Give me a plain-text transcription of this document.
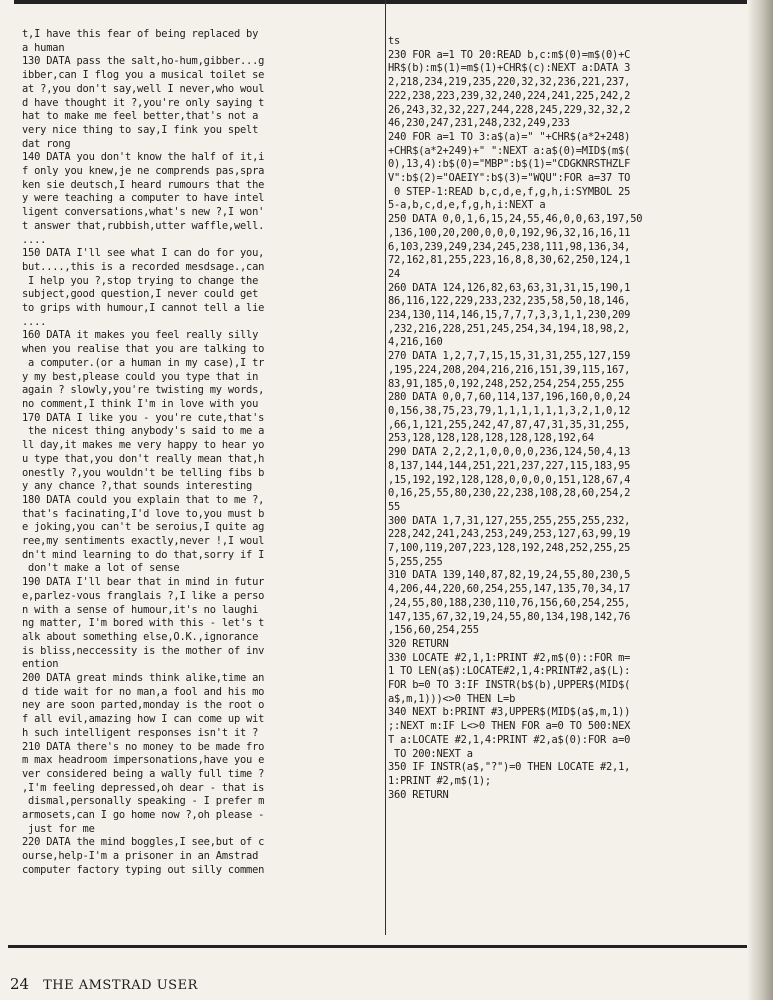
t,I have this fear of being replaced by
a human
130 DATA pass the salt,ho-hum,gibber...g
ibber,can I flog you a musical toilet se
at ?,you don't say,well I never,who woul
d have thought it ?,you're only saying t
hat to make me feel better,that's not a
very nice thing to say,I fink you spelt
dat rong
140 DATA you don't know the half of it,i
f only you knew,je ne comprends pas,spra
ken sie deutsch,I heard rumours that the
y were teaching a computer to have intel
ligent conversations,what's new ?,I won'
t answer that,rubbish,utter waffle,well.
....
150 DATA I'll see what I can do for you,
but....,this is a recorded mesdsage.,can
I help you ?,stop trying to change the
subject,good question,I never could get
to grips with humour,I cannot tell a lie
....
160 DATA it makes you feel really silly
when you realise that you are talking to
a computer.(or a human in my case),I tr
y my best,please could you type that in
again ? slowly,you're twisting my words,
no comment,I think I'm in love with you
170 DATA I like you - you're cute,that's
the nicest thing anybody's said to me a
ll day,it makes me very happy to hear yo
u type that,you don't really mean that,h
onestly ?,you wouldn't be telling fibs b
y any chance ?,that sounds interesting
180 DATA could you explain that to me ?,
that's facinating,I'd love to,you must b
e joking,you can't be seroius,I quite ag
ree,my sentiments exactly,never !,I woul
dn't mind learning to do that,sorry if I
don't make a lot of sense
190 DATA I'll bear that in mind in futur
e,parlez-vous franglais ?,I like a perso
n with a sense of humour,it's no laughi
ng matter, I'm bored with this - let's t
alk about something else,O.K.,ignorance
is bliss,neccessity is the mother of inv
ention
200 DATA great minds think alike,time an
d tide wait for no man,a fool and his mo
ney are soon parted,monday is the root o
f all evil,amazing how I can come up wit
h such intelligent responses isn't it ?
210 DATA there's no money to be made fro
m max headroom impersonations,have you e
ver considered being a wally full time ?
,I'm feeling depressed,oh dear - that is
dismal,personally speaking - I prefer m
armosets,can I go home now ?,oh please -
just for me
220 DATA the mind boggles,I see,but of c
ourse,help-I'm a prisoner in an Amstrad
computer factory typing out silly commen
ts
230 FOR a=1 TO 20:READ b,c:m$(0)=m$(0)+C
HR$(b):m$(1)=m$(1)+CHR$(c):NEXT a:DATA 3
2,218,234,219,235,220,32,32,236,221,237,
222,238,223,239,32,240,224,241,225,242,2
26,243,32,32,227,244,228,245,229,32,32,2
46,230,247,231,248,232,249,233
240 FOR a=1 TO 3:a$(a)=" "+CHR$(a*2+248)
+CHR$(a*2+249)+" ":NEXT a:a$(0)=MID$(m$(
0),13,4):b$(0)="MBP":b$(1)="CDGKNRSTHZLF
V":b$(2)="OAEIY":b$(3)="WQU":FOR a=37 TO
0 STEP-1:READ b,c,d,e,f,g,h,i:SYMBOL 25
5-a,b,c,d,e,f,g,h,i:NEXT a
250 DATA 0,0,1,6,15,24,55,46,0,0,63,197,50
,136,100,20,200,0,0,0,192,96,32,16,16,11
6,103,239,249,234,245,238,111,98,136,34,
72,162,81,255,223,16,8,8,30,62,250,124,1
24
260 DATA 124,126,82,63,63,31,31,15,190,1
86,116,122,229,233,232,235,58,50,18,146,
234,130,114,146,15,7,7,7,3,3,1,1,230,209
,232,216,228,251,245,254,34,194,18,98,2,
4,216,160
270 DATA 1,2,7,7,15,15,31,31,255,127,159
,195,224,208,204,216,216,151,39,115,167,
83,91,185,0,192,248,252,254,254,255,255
280 DATA 0,0,7,60,114,137,196,160,0,0,24
0,156,38,75,23,79,1,1,1,1,1,1,3,2,1,0,12
,66,1,121,255,242,47,87,47,31,35,31,255,
253,128,128,128,128,128,128,192,64
290 DATA 2,2,2,1,0,0,0,0,236,124,50,4,13
8,137,144,144,251,221,237,227,115,183,95
,15,192,192,128,128,0,0,0,0,151,128,67,4
0,16,25,55,80,230,22,238,108,28,60,254,2
55
300 DATA 1,7,31,127,255,255,255,255,232,
228,242,241,243,253,249,253,127,63,99,19
7,100,119,207,223,128,192,248,252,255,25
5,255,255
310 DATA 139,140,87,82,19,24,55,80,230,5
4,206,44,220,60,254,255,147,135,70,34,17
,24,55,80,188,230,110,76,156,60,254,255,
147,135,67,32,19,24,55,80,134,198,142,76
,156,60,254,255
320 RETURN
330 LOCATE #2,1,1:PRINT #2,m$(0)::FOR m=
1 TO LEN(a$):LOCATE#2,1,4:PRINT#2,a$(L):
FOR b=0 TO 3:IF INSTR(b$(b),UPPER$(MID$(
a$,m,1)))<>0 THEN L=b
340 NEXT b:PRINT #3,UPPER$(MID$(a$,m,1))
;:NEXT m:IF L<>0 THEN FOR a=0 TO 500:NEX
T a:LOCATE #2,1,4:PRINT #2,a$(0):FOR a=0
TO 200:NEXT a
350 IF INSTR(a$,"?")=0 THEN LOCATE #2,1,
1:PRINT #2,m$(1);
360 RETURN
24 THE AMSTRAD USER
